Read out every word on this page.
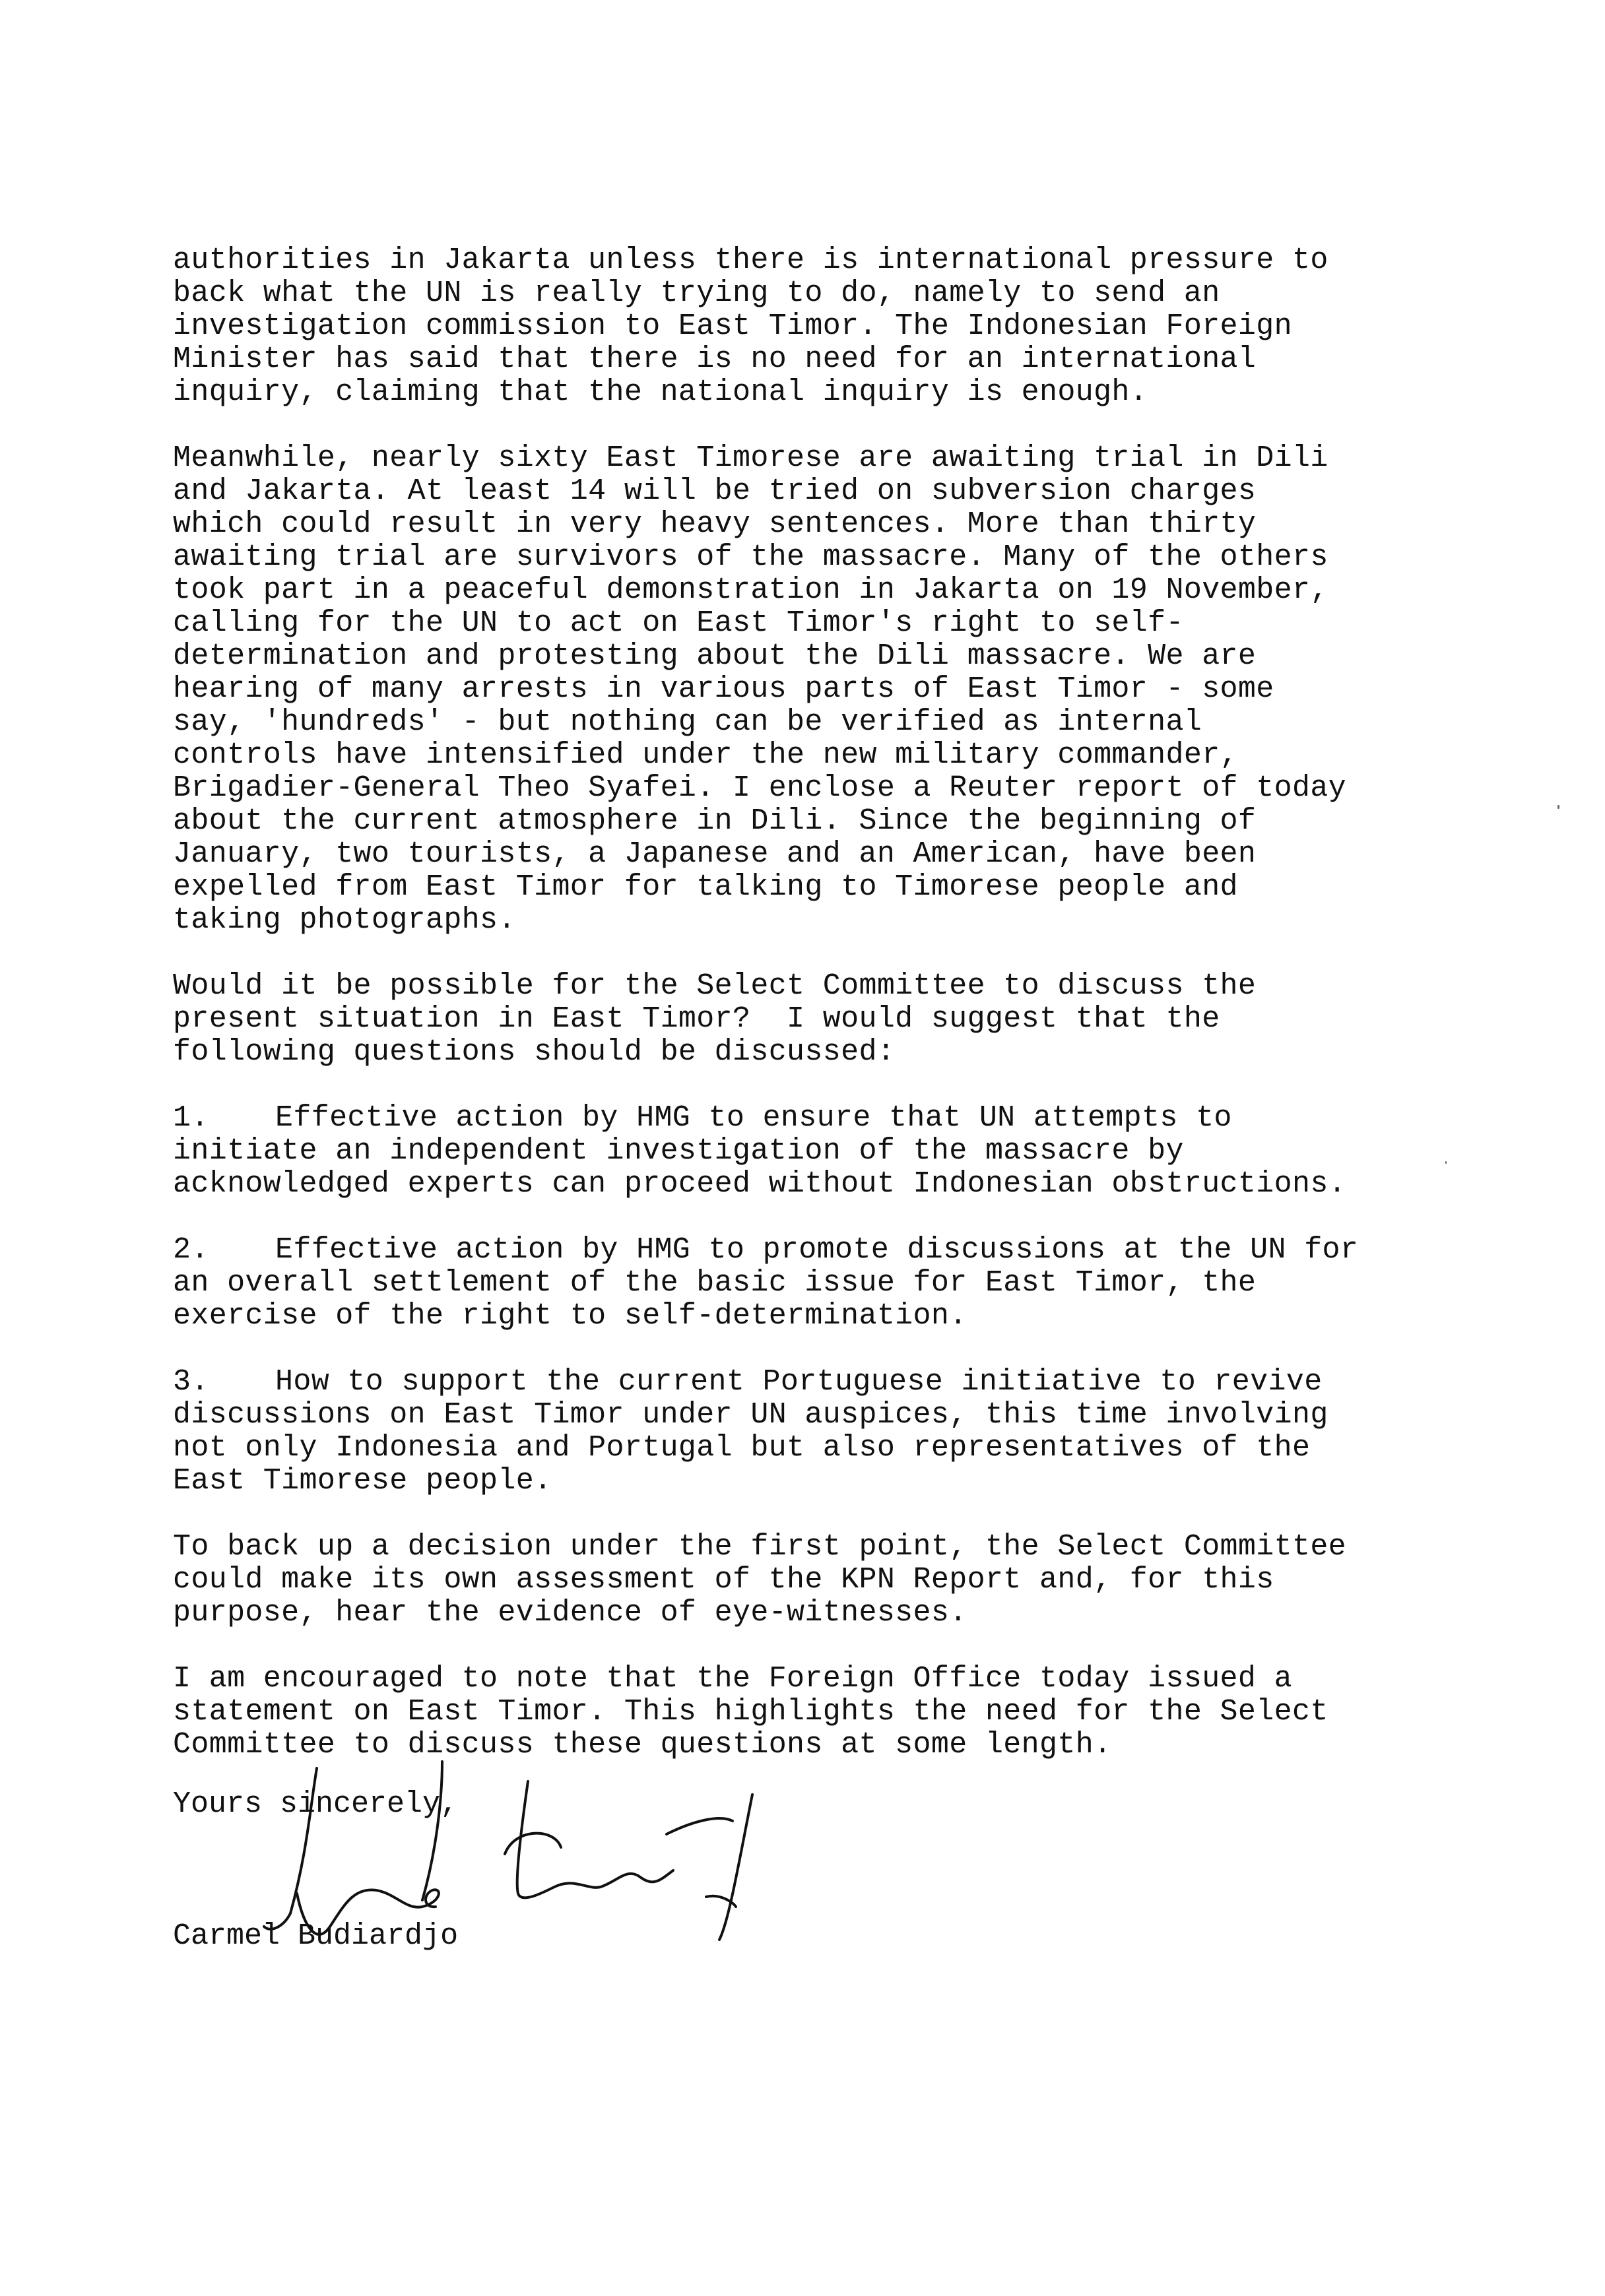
authorities in Jakarta unless there is international pressure to
back what the UN is really trying to do, namely to send an
investigation commission to East Timor. The Indonesian Foreign
Minister has said that there is no need for an international
inquiry, claiming that the national inquiry is enough.
Meanwhile, nearly sixty East Timorese are awaiting trial in Dili
and Jakarta. At least 14 will be tried on subversion charges
which could result in very heavy sentences. More than thirty
awaiting trial are survivors of the massacre. Many of the others
took part in a peaceful demonstration in Jakarta on 19 November,
calling for the UN to act on East Timor's right to self-
determination and protesting about the Dili massacre. We are
hearing of many arrests in various parts of East Timor - some
say, 'hundreds' - but nothing can be verified as internal
controls have intensified under the new military commander,
Brigadier-General Theo Syafei. I enclose a Reuter report of today
about the current atmosphere in Dili. Since the beginning of
January, two tourists, a Japanese and an American, have been
expelled from East Timor for talking to Timorese people and
taking photographs.
Would it be possible for the Select Committee to discuss the
present situation in East Timor?  I would suggest that the
following questions should be discussed:
1. Effective action by HMG to ensure that UN attempts to
initiate an independent investigation of the massacre by
acknowledged experts can proceed without Indonesian obstructions.
2. Effective action by HMG to promote discussions at the UN for
an overall settlement of the basic issue for East Timor, the
exercise of the right to self-determination.
3. How to support the current Portuguese initiative to revive
discussions on East Timor under UN auspices, this time involving
not only Indonesia and Portugal but also representatives of the
East Timorese people.
To back up a decision under the first point, the Select Committee
could make its own assessment of the KPN Report and, for this
purpose, hear the evidence of eye-witnesses.
I am encouraged to note that the Foreign Office today issued a
statement on East Timor. This highlights the need for the Select
Committee to discuss these questions at some length.
Yours sincerely,
Carmel Budiardjo
